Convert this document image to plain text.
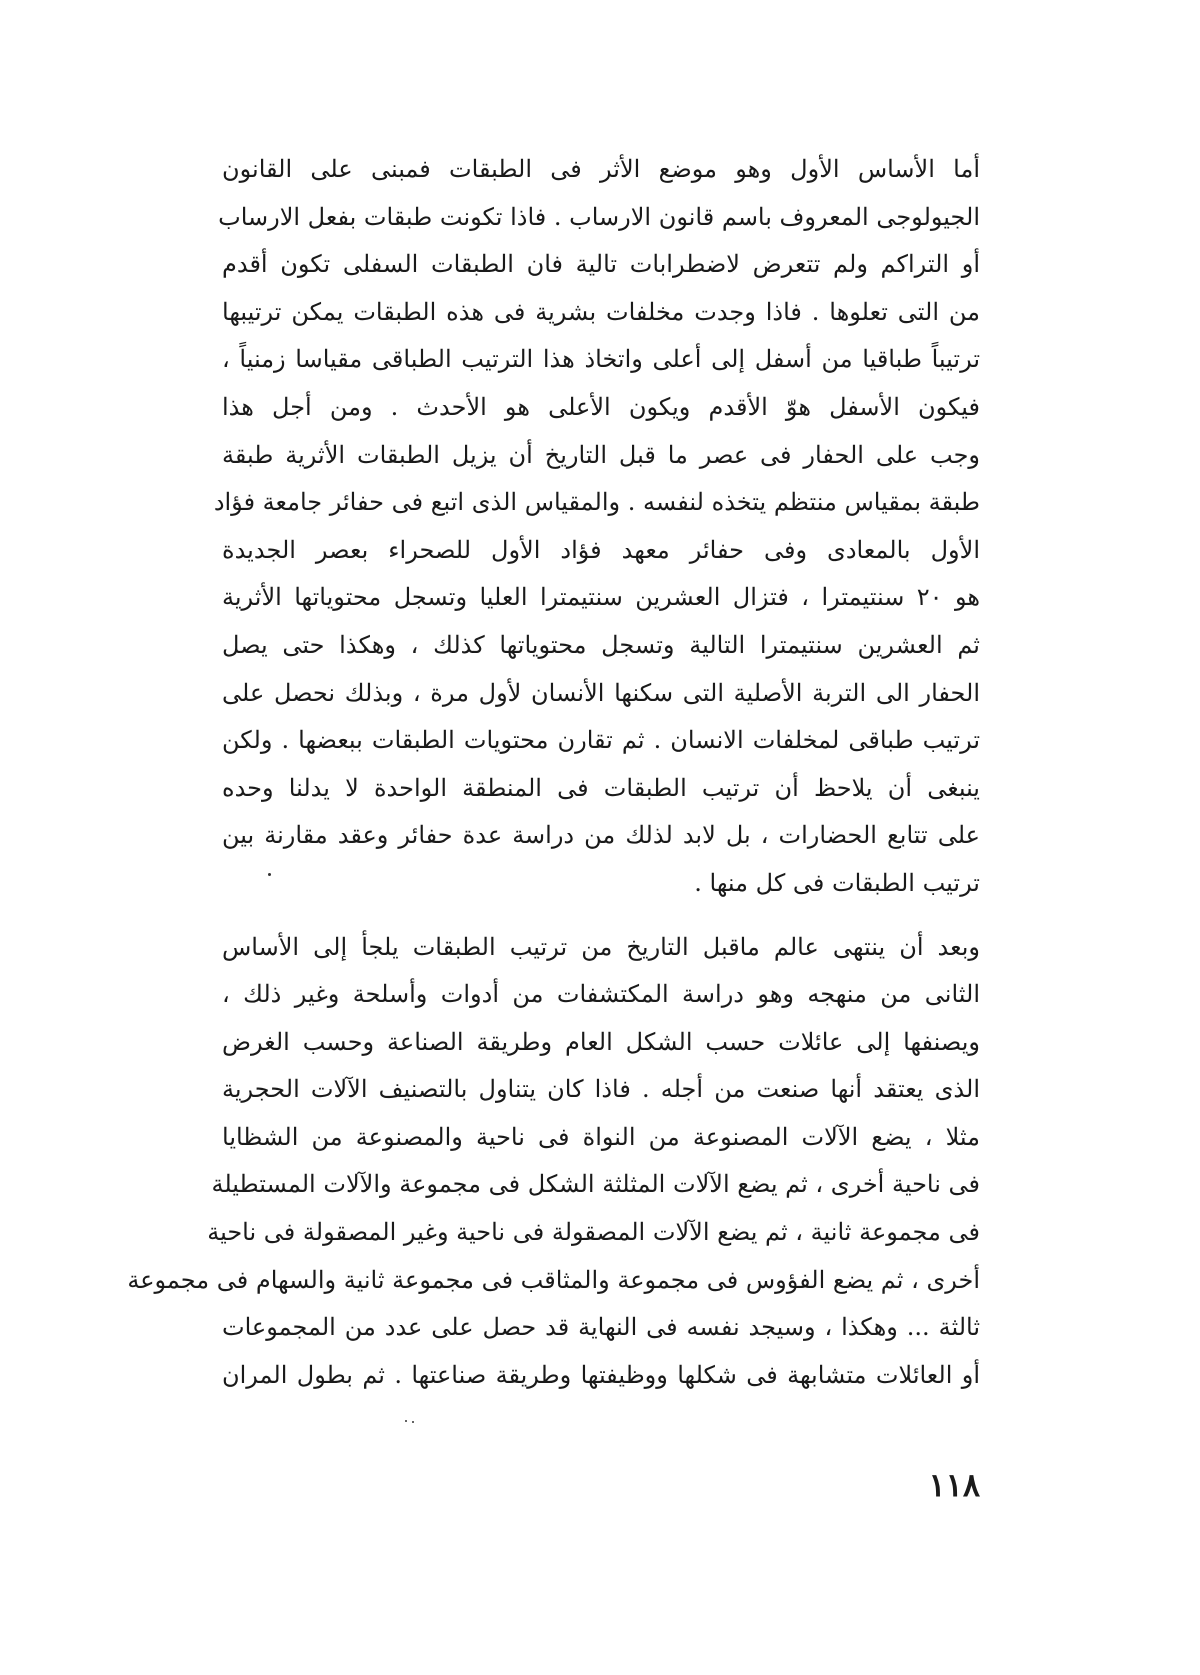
أما الأساس الأول وهو موضع الأثر فى الطبقات فمبنى على القانون
الجيولوجى المعروف باسم قانون الارساب . فاذا تكونت طبقات بفعل الارساب
أو التراكم ولم تتعرض لاضطرابات تالية فان الطبقات السفلى تكون أقدم
من التى تعلوها . فاذا وجدت مخلفات بشرية فى هذه الطبقات يمكن ترتيبها
ترتيباً طباقيا من أسفل إلى أعلى واتخاذ هذا الترتيب الطباقى مقياسا زمنياً ،
فيكون الأسفل هوّ الأقدم ويكون الأعلى هو الأحدث . ومن أجل هذا
وجب على الحفار فى عصر ما قبل التاريخ أن يزيل الطبقات الأثرية طبقة
طبقة بمقياس منتظم يتخذه لنفسه . والمقياس الذى اتبع فى حفائر جامعة فؤاد
الأول بالمعادى وفى حفائر معهد فؤاد الأول للصحراء بعصر الجديدة
هو ٢٠ سنتيمترا ، فتزال العشرين سنتيمترا العليا وتسجل محتوياتها الأثرية
ثم العشرين سنتيمترا التالية وتسجل محتوياتها كذلك ، وهكذا حتى يصل
الحفار الى التربة الأصلية التى سكنها الأنسان لأول مرة ، وبذلك نحصل على
ترتيب طباقى لمخلفات الانسان . ثم تقارن محتويات الطبقات ببعضها . ولكن
ينبغى أن يلاحظ أن ترتيب الطبقات فى المنطقة الواحدة لا يدلنا وحده
على تتابع الحضارات ، بل لابد لذلك من دراسة عدة حفائر وعقد مقارنة بين
ترتيب الطبقات فى كل منها .
وبعد أن ينتهى عالم ماقبل التاريخ من ترتيب الطبقات يلجأ إلى الأساس
الثانى من منهجه وهو دراسة المكتشفات من أدوات وأسلحة وغير ذلك ،
ويصنفها إلى عائلات حسب الشكل العام وطريقة الصناعة وحسب الغرض
الذى يعتقد أنها صنعت من أجله . فاذا كان يتناول بالتصنيف الآلات الحجرية
مثلا ، يضع الآلات المصنوعة من النواة فى ناحية والمصنوعة من الشظايا
فى ناحية أخرى ، ثم يضع الآلات المثلثة الشكل فى مجموعة والآلات المستطيلة
فى مجموعة ثانية ، ثم يضع الآلات المصقولة فى ناحية وغير المصقولة فى ناحية
أخرى ، ثم يضع الفؤوس فى مجموعة والمثاقب فى مجموعة ثانية والسهام فى مجموعة
ثالثة ... وهكذا ، وسيجد نفسه فى النهاية قد حصل على عدد من المجموعات
أو العائلات متشابهة فى شكلها ووظيفتها وطريقة صناعتها . ثم بطول المران
١١٨
